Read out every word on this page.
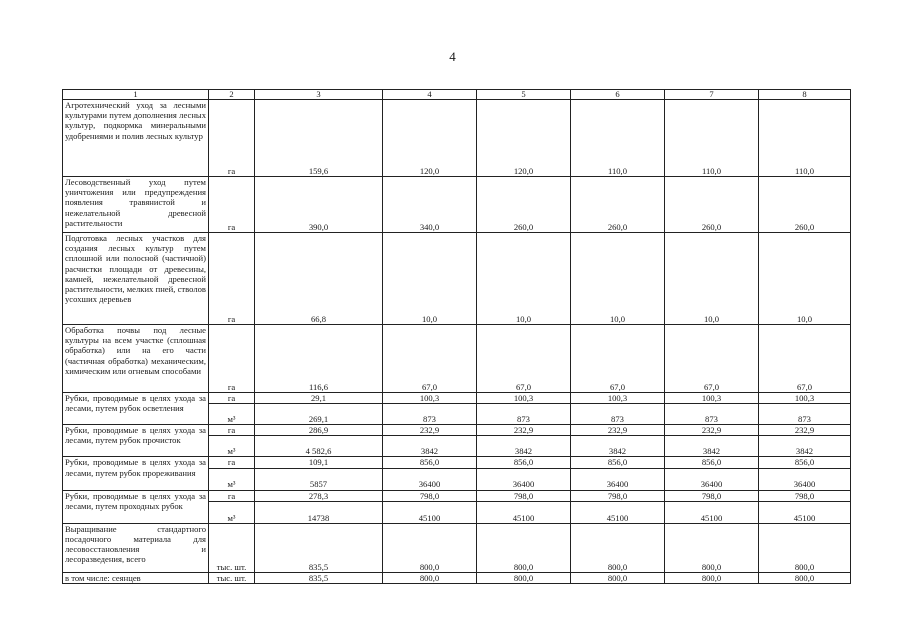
4
1	2	3	4	5	6	7	8
Агротехнический уход за лесными культурами путем дополнения лесных культур, подкормка минеральными удобрениями и полив лесных культур	га	159,6	120,0	120,0	110,0	110,0	110,0
Лесоводственный уход путем уничтожения или предупреждения появления травянистой и нежелательной древесной растительности	га	390,0	340,0	260,0	260,0	260,0	260,0
Подготовка лесных участков для создания лесных культур путем сплошной или полосной (частичной) расчистки площади от древесины, камней, нежелательной древесной растительности, мелких пней, стволов усохших деревьев	га	66,8	10,0	10,0	10,0	10,0	10,0
Обработка почвы под лесные культуры на всем участке (сплошная обработка) или на его части (частичная обработка) механическим, химическим или огневым способами	га	116,6	67,0	67,0	67,0	67,0	67,0
Рубки, проводимые в целях ухода за лесами, путем рубок осветления	га	29,1	100,3	100,3	100,3	100,3	100,3
	м³	269,1	873	873	873	873	873
Рубки, проводимые в целях ухода за лесами, путем рубок прочисток	га	286,9	232,9	232,9	232,9	232,9	232,9
	м³	4 582,6	3842	3842	3842	3842	3842
Рубки, проводимые в целях ухода за лесами, путем рубок прореживания	га	109,1	856,0	856,0	856,0	856,0	856,0
	м³	5857	36400	36400	36400	36400	36400
Рубки, проводимые в целях ухода за лесами, путем проходных рубок	га	278,3	798,0	798,0	798,0	798,0	798,0
	м³	14738	45100	45100	45100	45100	45100
Выращивание стандартного посадочного материала для лесовосстановления и лесоразведения, всего	тыс. шт.	835,5	800,0	800,0	800,0	800,0	800,0
в том числе: сеянцев	тыс. шт.	835,5	800,0	800,0	800,0	800,0	800,0
